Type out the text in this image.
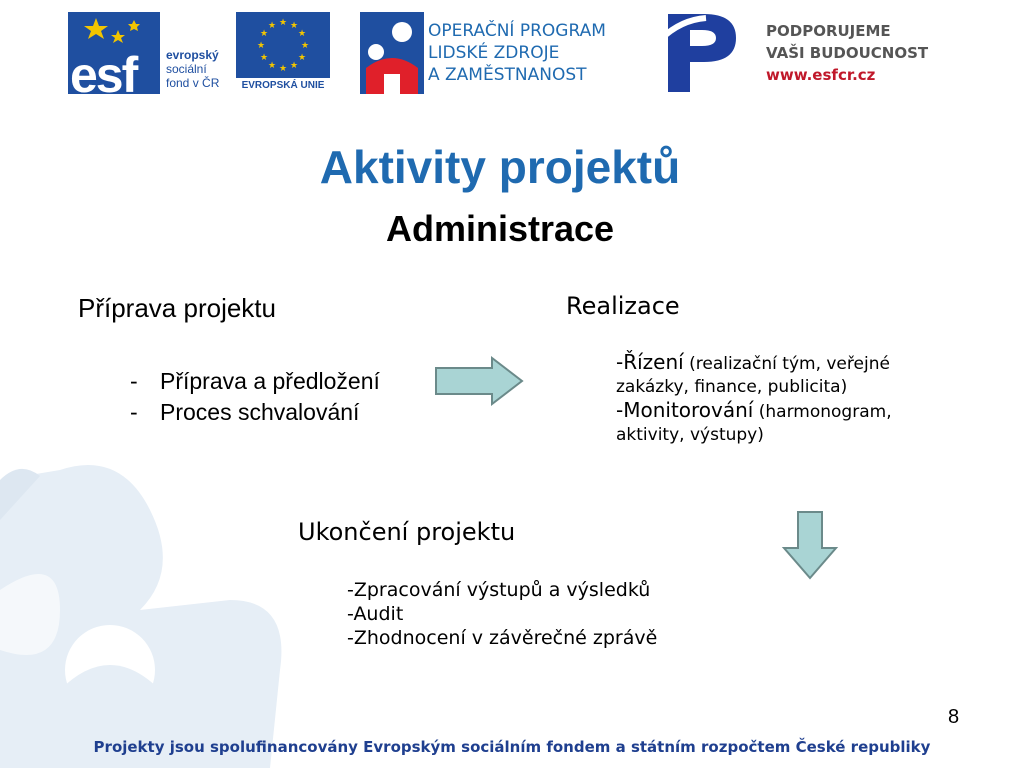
esf evropský
sociální
fond v ČR
★ ★
★
★
★
★
★
★
★
★
★
★
EVROPSKÁ UNIE
OPERAČNÍ PROGRAM
LIDSKÉ ZDROJE
A ZAMĚSTNANOST
PODPORUJEME
VAŠI BUDOUCNOST
www.esfcr.cz
Aktivity projektů
Administrace
Příprava projektu
- Příprava a předložení
- Proces schvalování
Realizace
-Řízení (realizační tým, veřejné zakázky, finance, publicita)
-Monitorování (harmonogram, aktivity, výstupy)
Ukončení projektu
-Zpracování výstupů a výsledků
-Audit
-Zhodnocení v závěrečné zprávě
8
Projekty jsou spolufinancovány Evropským sociálním fondem a státním rozpočtem České republiky
